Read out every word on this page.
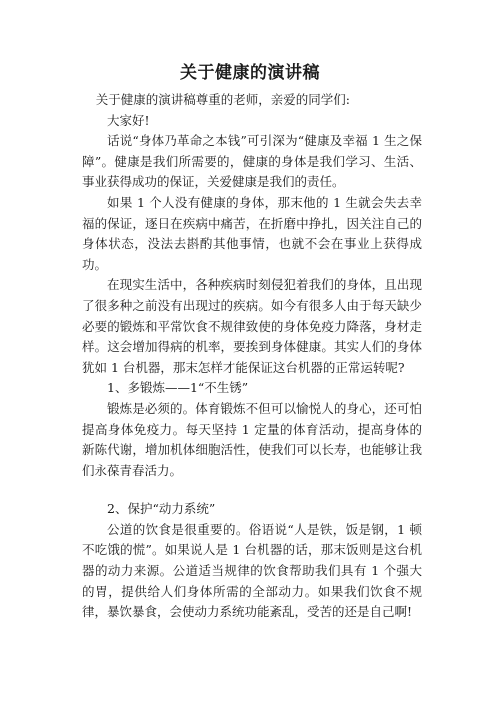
关于健康的演讲稿

关于健康的演讲稿尊重的老师，亲爱的同学们:

大家好!

话说“身体乃革命之本钱”可引深为“健康及幸福 1 生之保障”。健康是我们所需要的，健康的身体是我们学习、生活、事业获得成功的保证，关爱健康是我们的责任。

如果 1 个人没有健康的身体，那末他的 1 生就会失去幸福的保证，逐日在疾病中痛苦，在折磨中挣扎，因关注自己的身体状态，没法去斟酌其他事情，也就不会在事业上获得成功。

在现实生活中，各种疾病时刻侵犯着我们的身体，且出现了很多种之前没有出现过的疾病。如今有很多人由于每天缺少必要的锻炼和平常饮食不规律致使的身体免疫力降落，身材走样。这会增加得病的机率，要挨到身体健康。其实人们的身体犹如 1 台机器，那末怎样才能保证这台机器的正常运转呢?

1、多锻炼——1“不生锈”

锻炼是必须的。体育锻炼不但可以愉悦人的身心，还可怕提高身体免疫力。每天坚持 1 定量的体育活动，提高身体的新陈代谢，增加机体细胞活性，使我们可以长寿，也能够让我们永葆青春活力。

2、保护“动力系统”

公道的饮食是很重要的。俗语说“人是铁，饭是钢，1 顿不吃饿的慌”。如果说人是 1 台机器的话，那末饭则是这台机器的动力来源。公道适当规律的饮食帮助我们具有 1 个强大的胃，提供给人们身体所需的全部动力。如果我们饮食不规律，暴饮暴食，会使动力系统功能紊乱，受苦的还是自己啊!
